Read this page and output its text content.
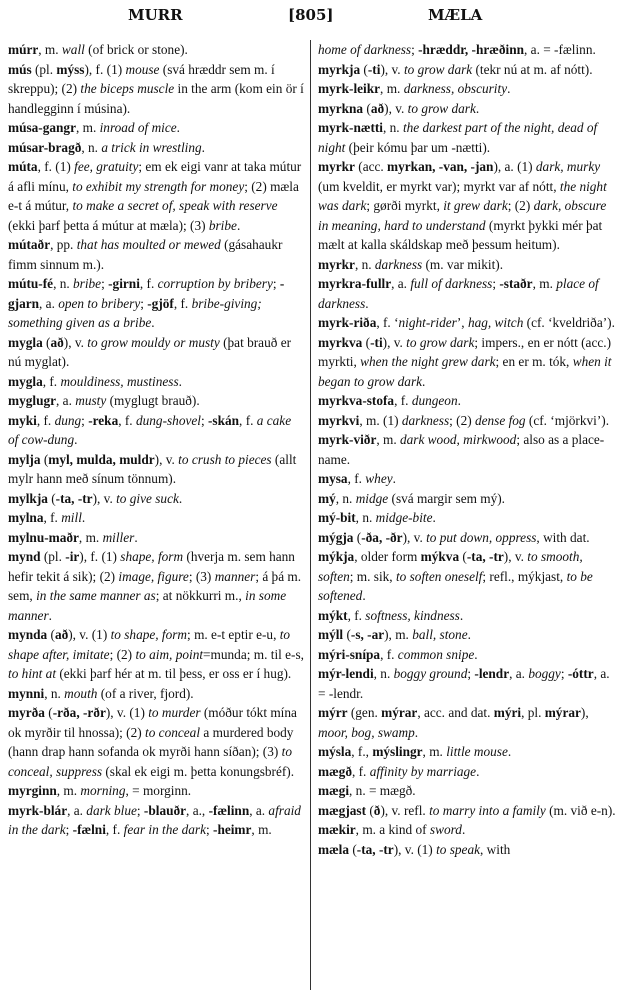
MURR	[805]	MÆLA

múrr, m. wall (of brick or stone).

mús (pl. mýss), f. (1) mouse (svá hræddr sem m. í skreppu); (2) the biceps muscle in the arm (kom ein ör í handlegginn í músina).

músa-gangr, m. inroad of mice.

músar-bragð, n. a trick in wrestling.

múta, f. (1) fee, gratuity; em ek eigi vanr at taka mútur á afli mínu, to exhibit my strength for money; (2) mæla e-t á mútur, to make a secret of, speak with reserve (ekki þarf þetta á mútur at mæla); (3) bribe.

mútaðr, pp. that has moulted or mewed (gásahaukr fimm sinnum m.).

mútu-fé, n. bribe; -girni, f. corruption by bribery; -gjarn, a. open to bribery; -gjöf, f. bribe-giving; something given as a bribe.

mygla (að), v. to grow mouldy or musty (þat brauð er nú myglat).

mygla, f. mouldiness, mustiness.

myglugr, a. musty (myglugt brauð).

myki, f. dung; -reka, f. dung-shovel; -skán, f. a cake of cow-dung.

mylja (myl, mulda, muldr), v. to crush to pieces (allt mylr hann með sínum tönnum).

mylkja (-ta, -tr), v. to give suck.

mylna, f. mill.

mylnu-maðr, m. miller.

mynd (pl. -ir), f. (1) shape, form (hverja m. sem hann hefir tekit á sik); (2) image, figure; (3) manner; á þá m. sem, in the same manner as; at nökkurri m., in some manner.

mynda (að), v. (1) to shape, form; m. e-t eptir e-u, to shape after, imitate; (2) to aim, point=munda; m. til e-s, to hint at (ekki þarf hér at m. til þess, er oss er í hug).

mynni, n. mouth (of a river, fjord).

myrða (-rða, -rðr), v. (1) to murder (móður tókt mína ok myrðir til hnossa); (2) to conceal a murdered body (hann drap hann sofanda ok myrði hann síðan); (3) to conceal, suppress (skal ek eigi m. þetta konungsbréf).

myrginn, m. morning, = morginn.

myrk-blár, a. dark blue; -blauðr, a., -fælinn, a. afraid in the dark; -fælni, f. fear in the dark; -heimr, m.

home of darkness; -hræddr, -hræðinn, a. = -fælinn.

myrkja (-ti), v. to grow dark (tekr nú at m. af nótt).

myrk-leikr, m. darkness, obscurity.

myrkna (að), v. to grow dark.

myrk-nætti, n. the darkest part of the night, dead of night (þeir kómu þar um -nætti).

myrkr (acc. myrkan, -van, -jan), a. (1) dark, murky (um kveldit, er myrkt var); myrkt var af nótt, the night was dark; gørði myrkt, it grew dark; (2) dark, obscure in meaning, hard to understand (myrkt þykki mér þat mælt at kalla skáldskap með þessum heitum).

myrkr, n. darkness (m. var mikit).

myrkra-fullr, a. full of darkness; -staðr, m. place of darkness.

myrk-riða, f. ‘night-rider’, hag, witch (cf. ‘kveldriða’).

myrkva (-ti), v. to grow dark; impers., en er nótt (acc.) myrkti, when the night grew dark; en er m. tók, when it began to grow dark.

myrkva-stofa, f. dungeon.

myrkvi, m. (1) darkness; (2) dense fog (cf. ‘mjörkvi’).

myrk-viðr, m. dark wood, mirkwood; also as a place-name.

mysa, f. whey.

mý, n. midge (svá margir sem mý).

mý-bit, n. midge-bite.

mýgja (-ða, -ðr), v. to put down, oppress, with dat.

mýkja, older form mýkva (-ta, -tr), v. to smooth, soften; m. sik, to soften oneself; refl., mýkjast, to be softened.

mýkt, f. softness, kindness.

mýll (-s, -ar), m. ball, stone.

mýri-snípa, f. common snipe.

mýr-lendi, n. boggy ground; -lendr, a. boggy; -óttr, a. = -lendr.

mýrr (gen. mýrar, acc. and dat. mýri, pl. mýrar), moor, bog, swamp.

mýsla, f., mýslingr, m. little mouse.

mægð, f. affinity by marriage.

mægi, n. = mægð.

mægjast (ð), v. refl. to marry into a family (m. við e-n).

mækir, m. a kind of sword.

mæla (-ta, -tr), v. (1) to speak, with
